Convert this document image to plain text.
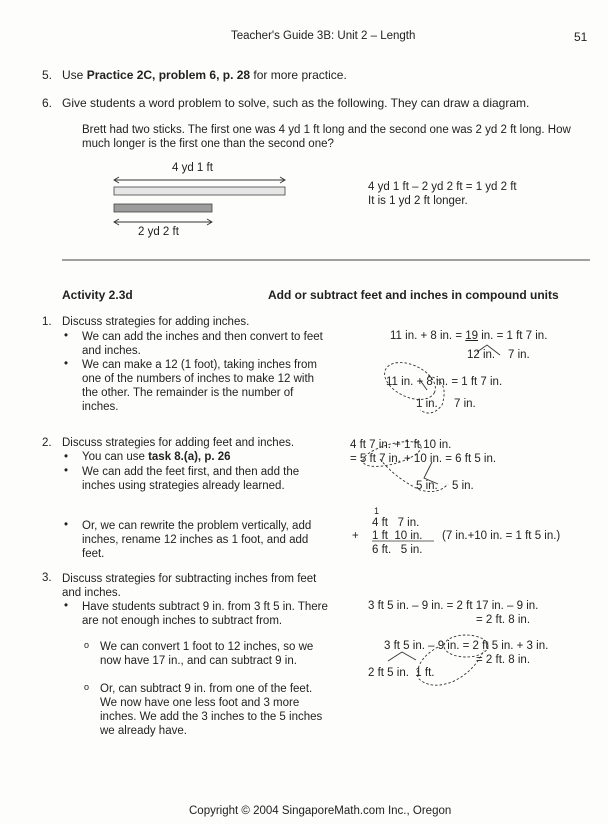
Teacher's Guide 3B: Unit 2 – Length	51
5. Use Practice 2C, problem 6, p. 28 for more practice.
6. Give students a word problem to solve, such as the following. They can draw a diagram.
Brett had two sticks. The first one was 4 yd 1 ft long and the second one was 2 yd 2 ft long. How much longer is the first one than the second one?
4 yd 1 ft
2 yd 2 ft
4 yd 1 ft – 2 yd 2 ft = 1 yd 2 ft
It is 1 yd 2 ft longer.
Activity 2.3d	Add or subtract feet and inches in compound units
1. Discuss strategies for adding inches.
• We can add the inches and then convert to feet and inches.
• We can make a 12 (1 foot), taking inches from one of the numbers of inches to make 12 with the other. The remainder is the number of inches.
11 in. + 8 in. = 19 in. = 1 ft 7 in.
12 in. 7 in.
11 in. + 8 in. = 1 ft 7 in.
1 in. 7 in.
2. Discuss strategies for adding feet and inches.
• You can use task 8.(a), p. 26
• We can add the feet first, and then add the inches using strategies already learned.
• Or, we can rewrite the problem vertically, add inches, rename 12 inches as 1 foot, and add feet.
4 ft 7 in. + 1 ft 10 in.
= 5 ft 7 in. + 10 in. = 6 ft 5 in.
5 in. 5 in.
1
4 ft   7 in.
+ 1 ft  10 in. (7 in.+10 in. = 1 ft 5 in.)
6 ft.   5 in.
3. Discuss strategies for subtracting inches from feet and inches.
• Have students subtract 9 in. from 3 ft 5 in. There are not enough inches to subtract from.
o We can convert 1 foot to 12 inches, so we now have 17 in., and can subtract 9 in.
o Or, can subtract 9 in. from one of the feet. We now have one less foot and 3 more inches. We add the 3 inches to the 5 inches we already have.
3 ft 5 in. – 9 in. = 2 ft 17 in. – 9 in.
= 2 ft. 8 in.
3 ft 5 in. – 9 in. = 2 ft 5 in. + 3 in.
= 2 ft. 8 in.
2 ft 5 in.  1 ft.
Copyright © 2004 SingaporeMath.com Inc., Oregon
